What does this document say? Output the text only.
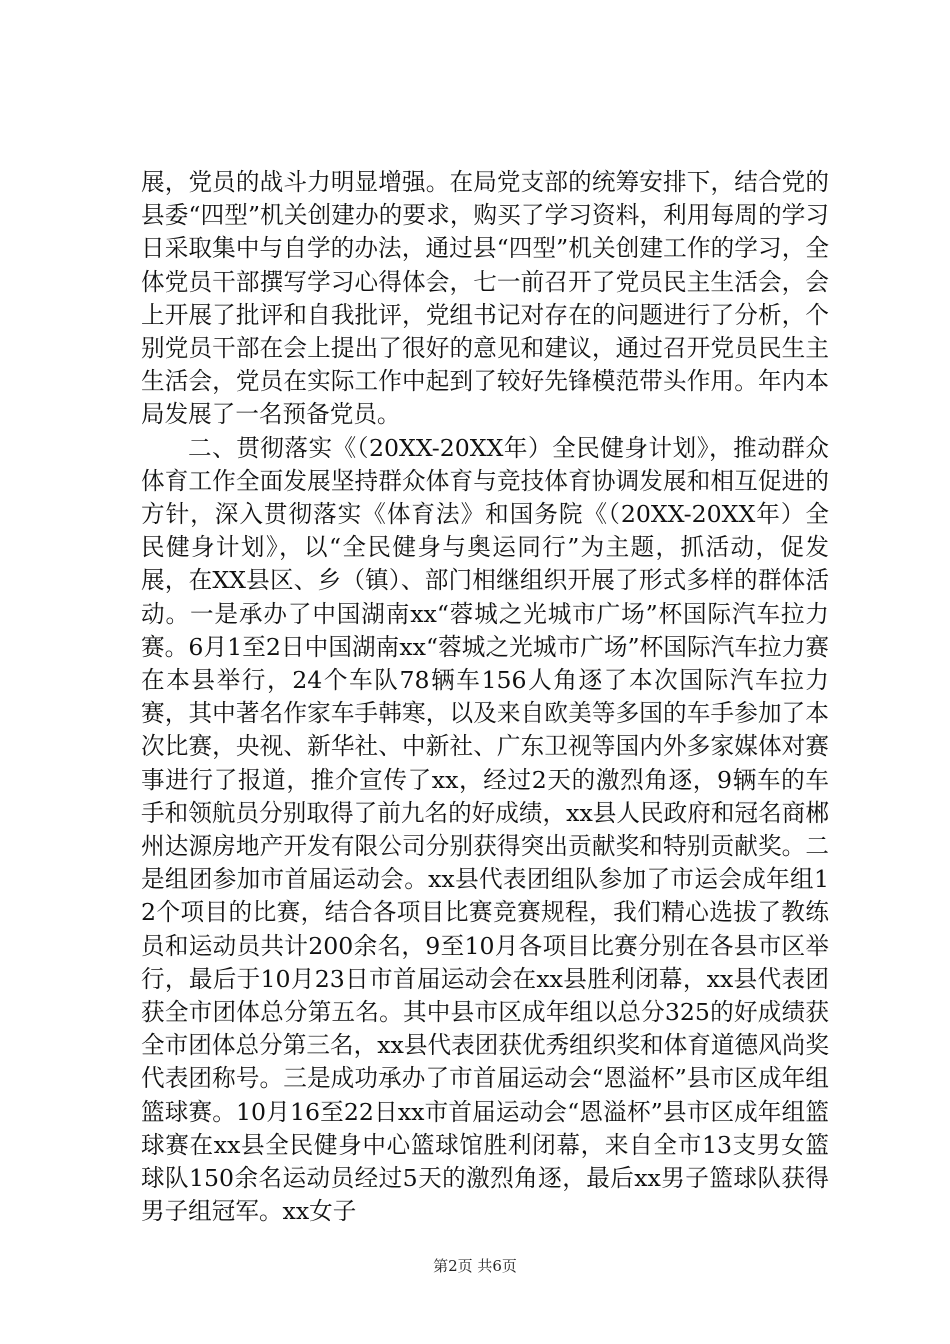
展，党员的战斗力明显增强。在局党支部的统筹安排下，结合党的县委“四型”机关创建办的要求，购买了学习资料，利用每周的学习日采取集中与自学的办法，通过县“四型”机关创建工作的学习，全体党员干部撰写学习心得体会，七一前召开了党员民主生活会，会上开展了批评和自我批评，党组书记对存在的问题进行了分析，个别党员干部在会上提出了很好的意见和建议，通过召开党员民生主生活会，党员在实际工作中起到了较好先锋模范带头作用。年内本局发展了一名预备党员。

二、贯彻落实《（20XX-20XX年）全民健身计划》，推动群众体育工作全面发展坚持群众体育与竞技体育协调发展和相互促进的方针，深入贯彻落实《体育法》和国务院《（20XX-20XX年）全民健身计划》，以“全民健身与奥运同行”为主题，抓活动，促发展，在XX县区、乡（镇）、部门相继组织开展了形式多样的群体活动。一是承办了中国湖南xx“蓉城之光城市广场”杯国际汽车拉力赛。6月1至2日中国湖南xx“蓉城之光城市广场”杯国际汽车拉力赛在本县举行，24个车队78辆车156人角逐了本次国际汽车拉力赛，其中著名作家车手韩寒，以及来自欧美等多国的车手参加了本次比赛，央视、新华社、中新社、广东卫视等国内外多家媒体对赛事进行了报道，推介宣传了xx，经过2天的激烈角逐，9辆车的车手和领航员分别取得了前九名的好成绩，xx县人民政府和冠名商郴州达源房地产开发有限公司分别获得突出贡献奖和特别贡献奖。二是组团参加市首届运动会。xx县代表团组队参加了市运会成年组12个项目的比赛，结合各项目比赛竞赛规程，我们精心选拔了教练员和运动员共计200余名，9至10月各项目比赛分别在各县市区举行，最后于10月23日市首届运动会在xx县胜利闭幕，xx县代表团获全市团体总分第五名。其中县市区成年组以总分325的好成绩获全市团体总分第三名，xx县代表团获优秀组织奖和体育道德风尚奖代表团称号。三是成功承办了市首届运动会“恩溢杯”县市区成年组篮球赛。10月16至22日xx市首届运动会“恩溢杯”县市区成年组篮球赛在xx县全民健身中心篮球馆胜利闭幕，来自全市13支男女篮球队150余名运动员经过5天的激烈角逐，最后xx男子篮球队获得男子组冠军。xx女子

第2页 共6页
